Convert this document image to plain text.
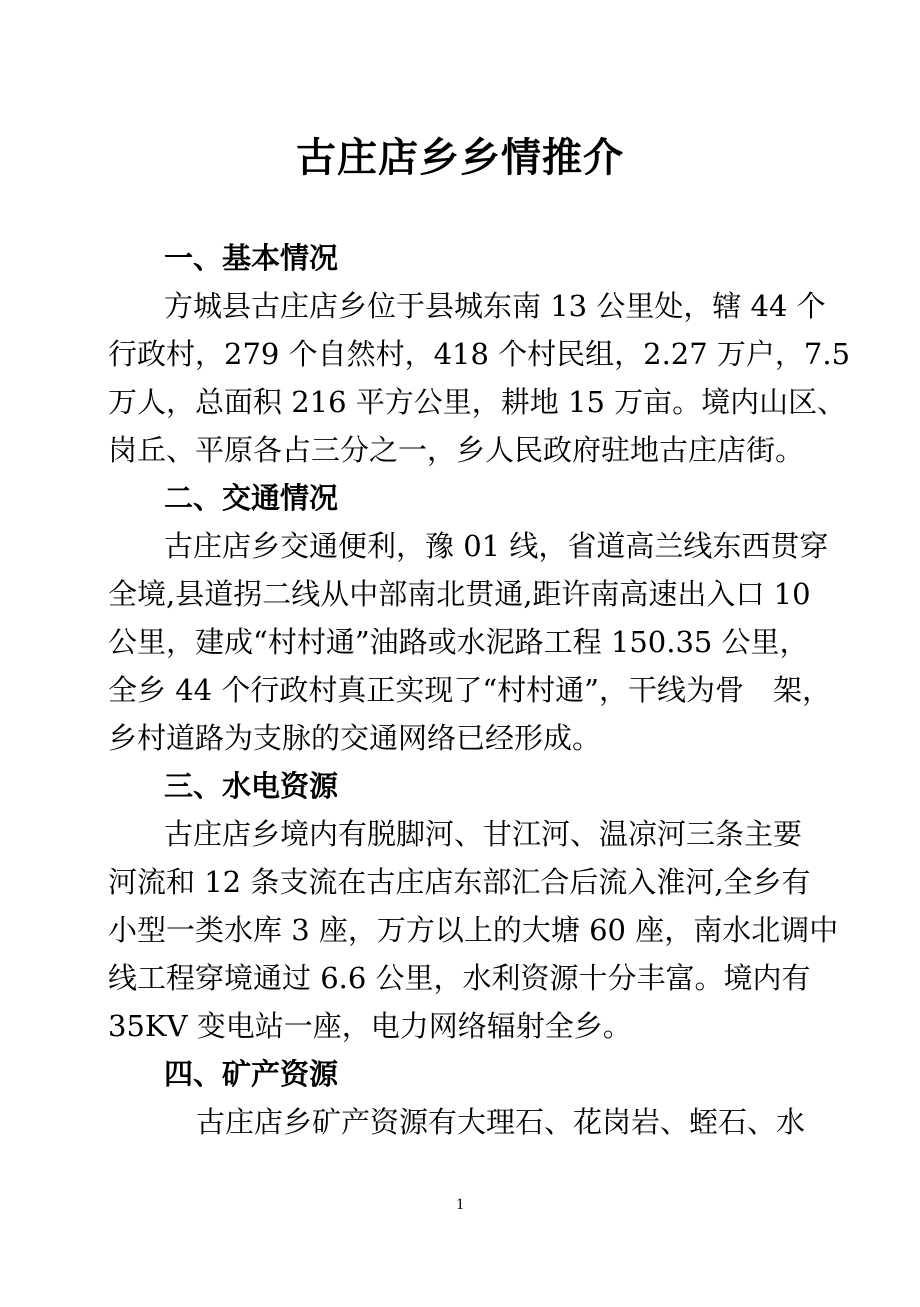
古庄店乡乡情推介
一、基本情况

方城县古庄店乡位于县城东南 13 公里处，辖 44 个

行政村，279 个自然村，418 个村民组，2.27 万户，7.5

万人，总面积 216 平方公里，耕地 15 万亩。境内山区、

岗丘、平原各占三分之一，乡人民政府驻地古庄店街。

二、交通情况

古庄店乡交通便利，豫 01 线，省道高兰线东西贯穿

全境,县道拐二线从中部南北贯通,距许南高速出入口 10

公里，建成“村村通”油路或水泥路工程 150.35 公里，

全乡 44 个行政村真正实现了“村村通”，干线为骨　架，

乡村道路为支脉的交通网络已经形成。

三、水电资源

古庄店乡境内有脱脚河、甘江河、温凉河三条主要

河流和 12 条支流在古庄店东部汇合后流入淮河,全乡有

小型一类水库 3 座，万方以上的大塘 60 座，南水北调中

线工程穿境通过 6.6 公里，水利资源十分丰富。境内有

35KV 变电站一座，电力网络辐射全乡。

四、矿产资源

古庄店乡矿产资源有大理石、花岗岩、蛭石、水

1
